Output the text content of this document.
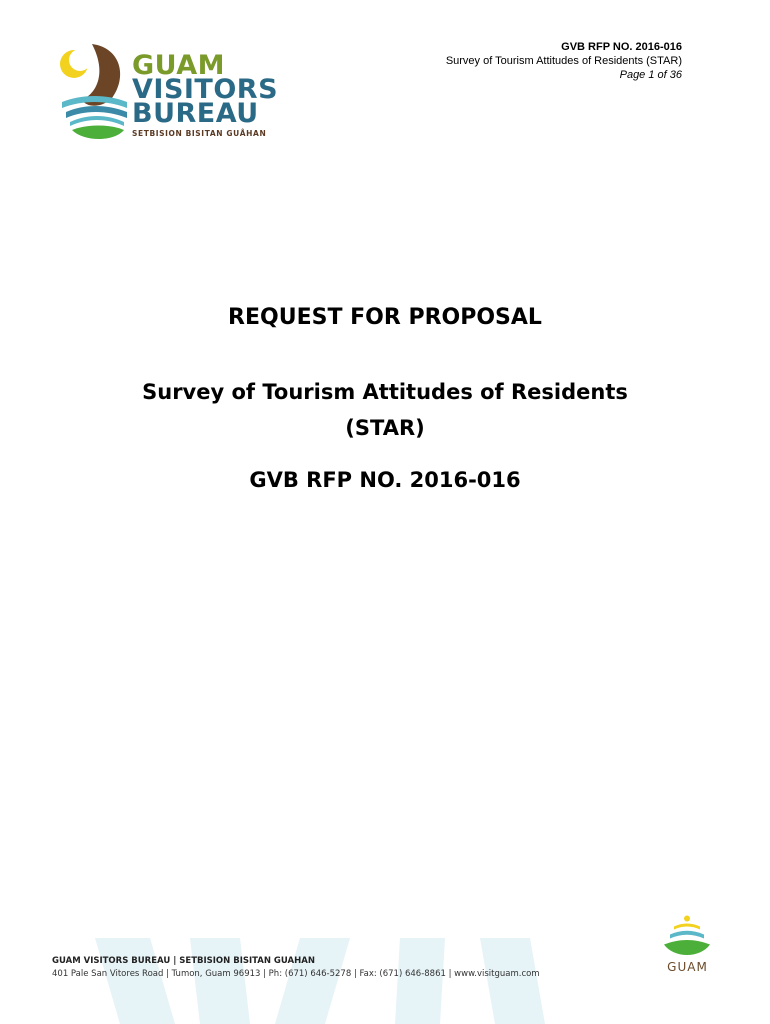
GUAM
VISITORS
BUREAU
SETBISION BISITAN GUÅHAN
GVB RFP NO. 2016-016
Survey of Tourism Attitudes of Residents (STAR)
Page 1 of 36
REQUEST FOR PROPOSAL
Survey of Tourism Attitudes of Residents
(STAR)
GVB RFP NO. 2016-016
GUAM VISITORS BUREAU | SETBISION BISITAN GUAHAN
401 Pale San Vitores Road | Tumon, Guam 96913 | Ph: (671) 646-5278 | Fax: (671) 646-8861 | www.visitguam.com	GUAM
